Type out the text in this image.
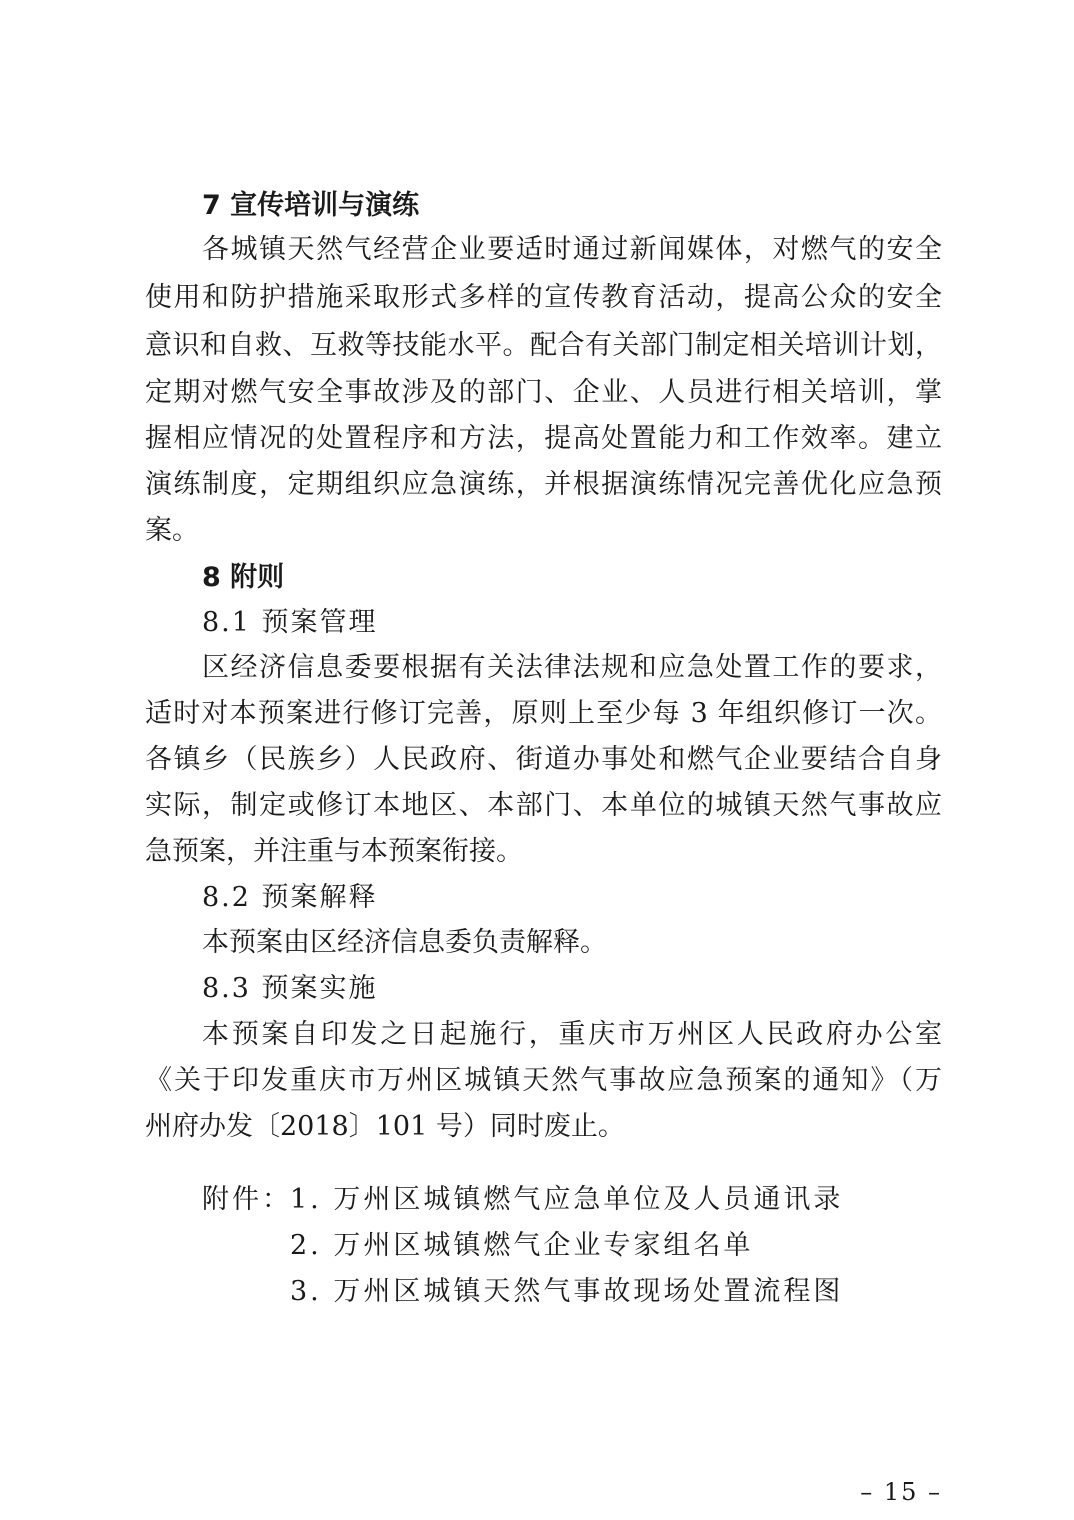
7 宣传培训与演练
各城镇天然气经营企业要适时通过新闻媒体，对燃气的安全
使用和防护措施采取形式多样的宣传教育活动，提高公众的安全
意识和自救、互救等技能水平。配合有关部门制定相关培训计划，
定期对燃气安全事故涉及的部门、企业、人员进行相关培训，掌
握相应情况的处置程序和方法，提高处置能力和工作效率。建立
演练制度，定期组织应急演练，并根据演练情况完善优化应急预
案。
8 附则
8.1 预案管理
区经济信息委要根据有关法律法规和应急处置工作的要求，
适时对本预案进行修订完善，原则上至少每 3 年组织修订一次。
各镇乡（民族乡）人民政府、街道办事处和燃气企业要结合自身
实际，制定或修订本地区、本部门、本单位的城镇天然气事故应
急预案，并注重与本预案衔接。
8.2 预案解释
本预案由区经济信息委负责解释。
8.3 预案实施
本预案自印发之日起施行，重庆市万州区人民政府办公室
《关于印发重庆市万州区城镇天然气事故应急预案的通知》（万
州府办发〔2018〕101 号）同时废止。
附件：
1. 万州区城镇燃气应急单位及人员通讯录
2. 万州区城镇燃气企业专家组名单
3. 万州区城镇天然气事故现场处置流程图
– 15 –
